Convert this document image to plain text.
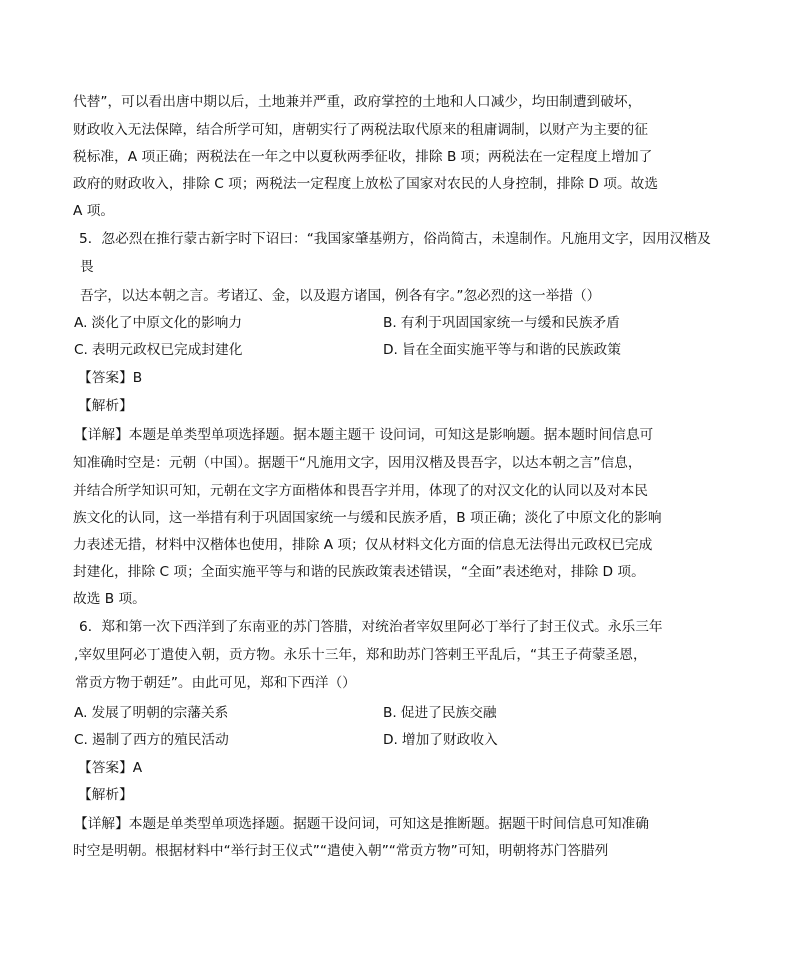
代替”，可以看出唐中期以后，土地兼并严重，政府掌控的土地和人口减少，均田制遭到破坏，
财政收入无法保障，结合所学可知，唐朝实行了两税法取代原来的租庸调制，以财产为主要的征
税标准，A 项正确；两税法在一年之中以夏秋两季征收，排除 B 项；两税法在一定程度上增加了
政府的财政收入，排除 C 项；两税法一定程度上放松了国家对农民的人身控制，排除 D 项。故选
A 项。
5．忽必烈在推行蒙古新字时下诏曰：“我国家肇基朔方，俗尚简古，未遑制作。凡施用文字，因用汉楷及
畏
吾字，以达本朝之言。考诸辽、金，以及遐方诸国，例各有字。”忽必烈的这一举措（）
A. 淡化了中原文化的影响力	B. 有利于巩固国家统一与缓和民族矛盾
C. 表明元政权已完成封建化	D. 旨在全面实施平等与和谐的民族政策
【答案】B
【解析】
【详解】本题是单类型单项选择题。据本题主题干 设问词，可知这是影响题。据本题时间信息可
知准确时空是：元朝（中国）。据题干“凡施用文字，因用汉楷及畏吾字，以达本朝之言”信息，
并结合所学知识可知，元朝在文字方面楷体和畏吾字并用，体现了的对汉文化的认同以及对本民
族文化的认同，这一举措有利于巩固国家统一与缓和民族矛盾，B 项正确；淡化了中原文化的影响
力表述无措，材料中汉楷体也使用，排除 A 项；仅从材料文化方面的信息无法得出元政权已完成
封建化，排除 C 项；全面实施平等与和谐的民族政策表述错误，“全面”表述绝对，排除 D 项。
故选 B 项。
6．郑和第一次下西洋到了东南亚的苏门答腊，对统治者宰奴里阿必丁举行了封王仪式。永乐三年
,宰奴里阿必丁遣使入朝，贡方物。永乐十三年，郑和助苏门答剌王平乱后，“其王子荷蒙圣恩，
常贡方物于朝廷”。由此可见，郑和下西洋（）
A. 发展了明朝的宗藩关系	B. 促进了民族交融
C. 遏制了西方的殖民活动	D. 增加了财政收入
【答案】A
【解析】
【详解】本题是单类型单项选择题。据题干设问词，可知这是推断题。据题干时间信息可知准确
时空是明朝。根据材料中“举行封王仪式”“遣使入朝”“常贡方物”可知，明朝将苏门答腊列
